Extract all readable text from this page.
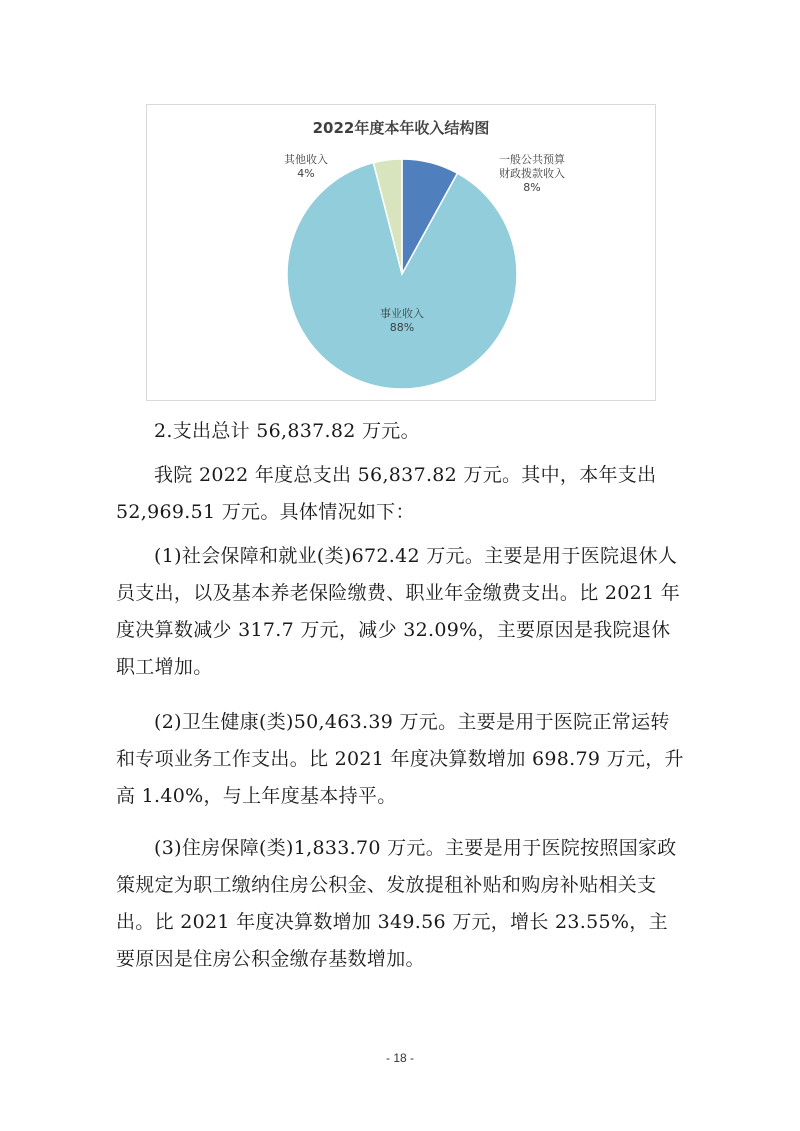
2022年度本年收入结构图
一般公共预算财政拨款收入 8%
事业收入 88%
其他收入 4%

2.支出总计 56,837.82 万元。

我院 2022 年度总支出 56,837.82 万元。其中，本年支出 52,969.51 万元。具体情况如下：

(1)社会保障和就业(类)672.42 万元。主要是用于医院退休人员支出，以及基本养老保险缴费、职业年金缴费支出。比 2021 年度决算数减少 317.7 万元，减少 32.09%，主要原因是我院退休职工增加。

(2)卫生健康(类)50,463.39 万元。主要是用于医院正常运转和专项业务工作支出。比 2021 年度决算数增加 698.79 万元，升高 1.40%，与上年度基本持平。

(3)住房保障(类)1,833.70 万元。主要是用于医院按照国家政策规定为职工缴纳住房公积金、发放提租补贴和购房补贴相关支出。比 2021 年度决算数增加 349.56 万元，增长 23.55%，主要原因是住房公积金缴存基数增加。

- 18 -
